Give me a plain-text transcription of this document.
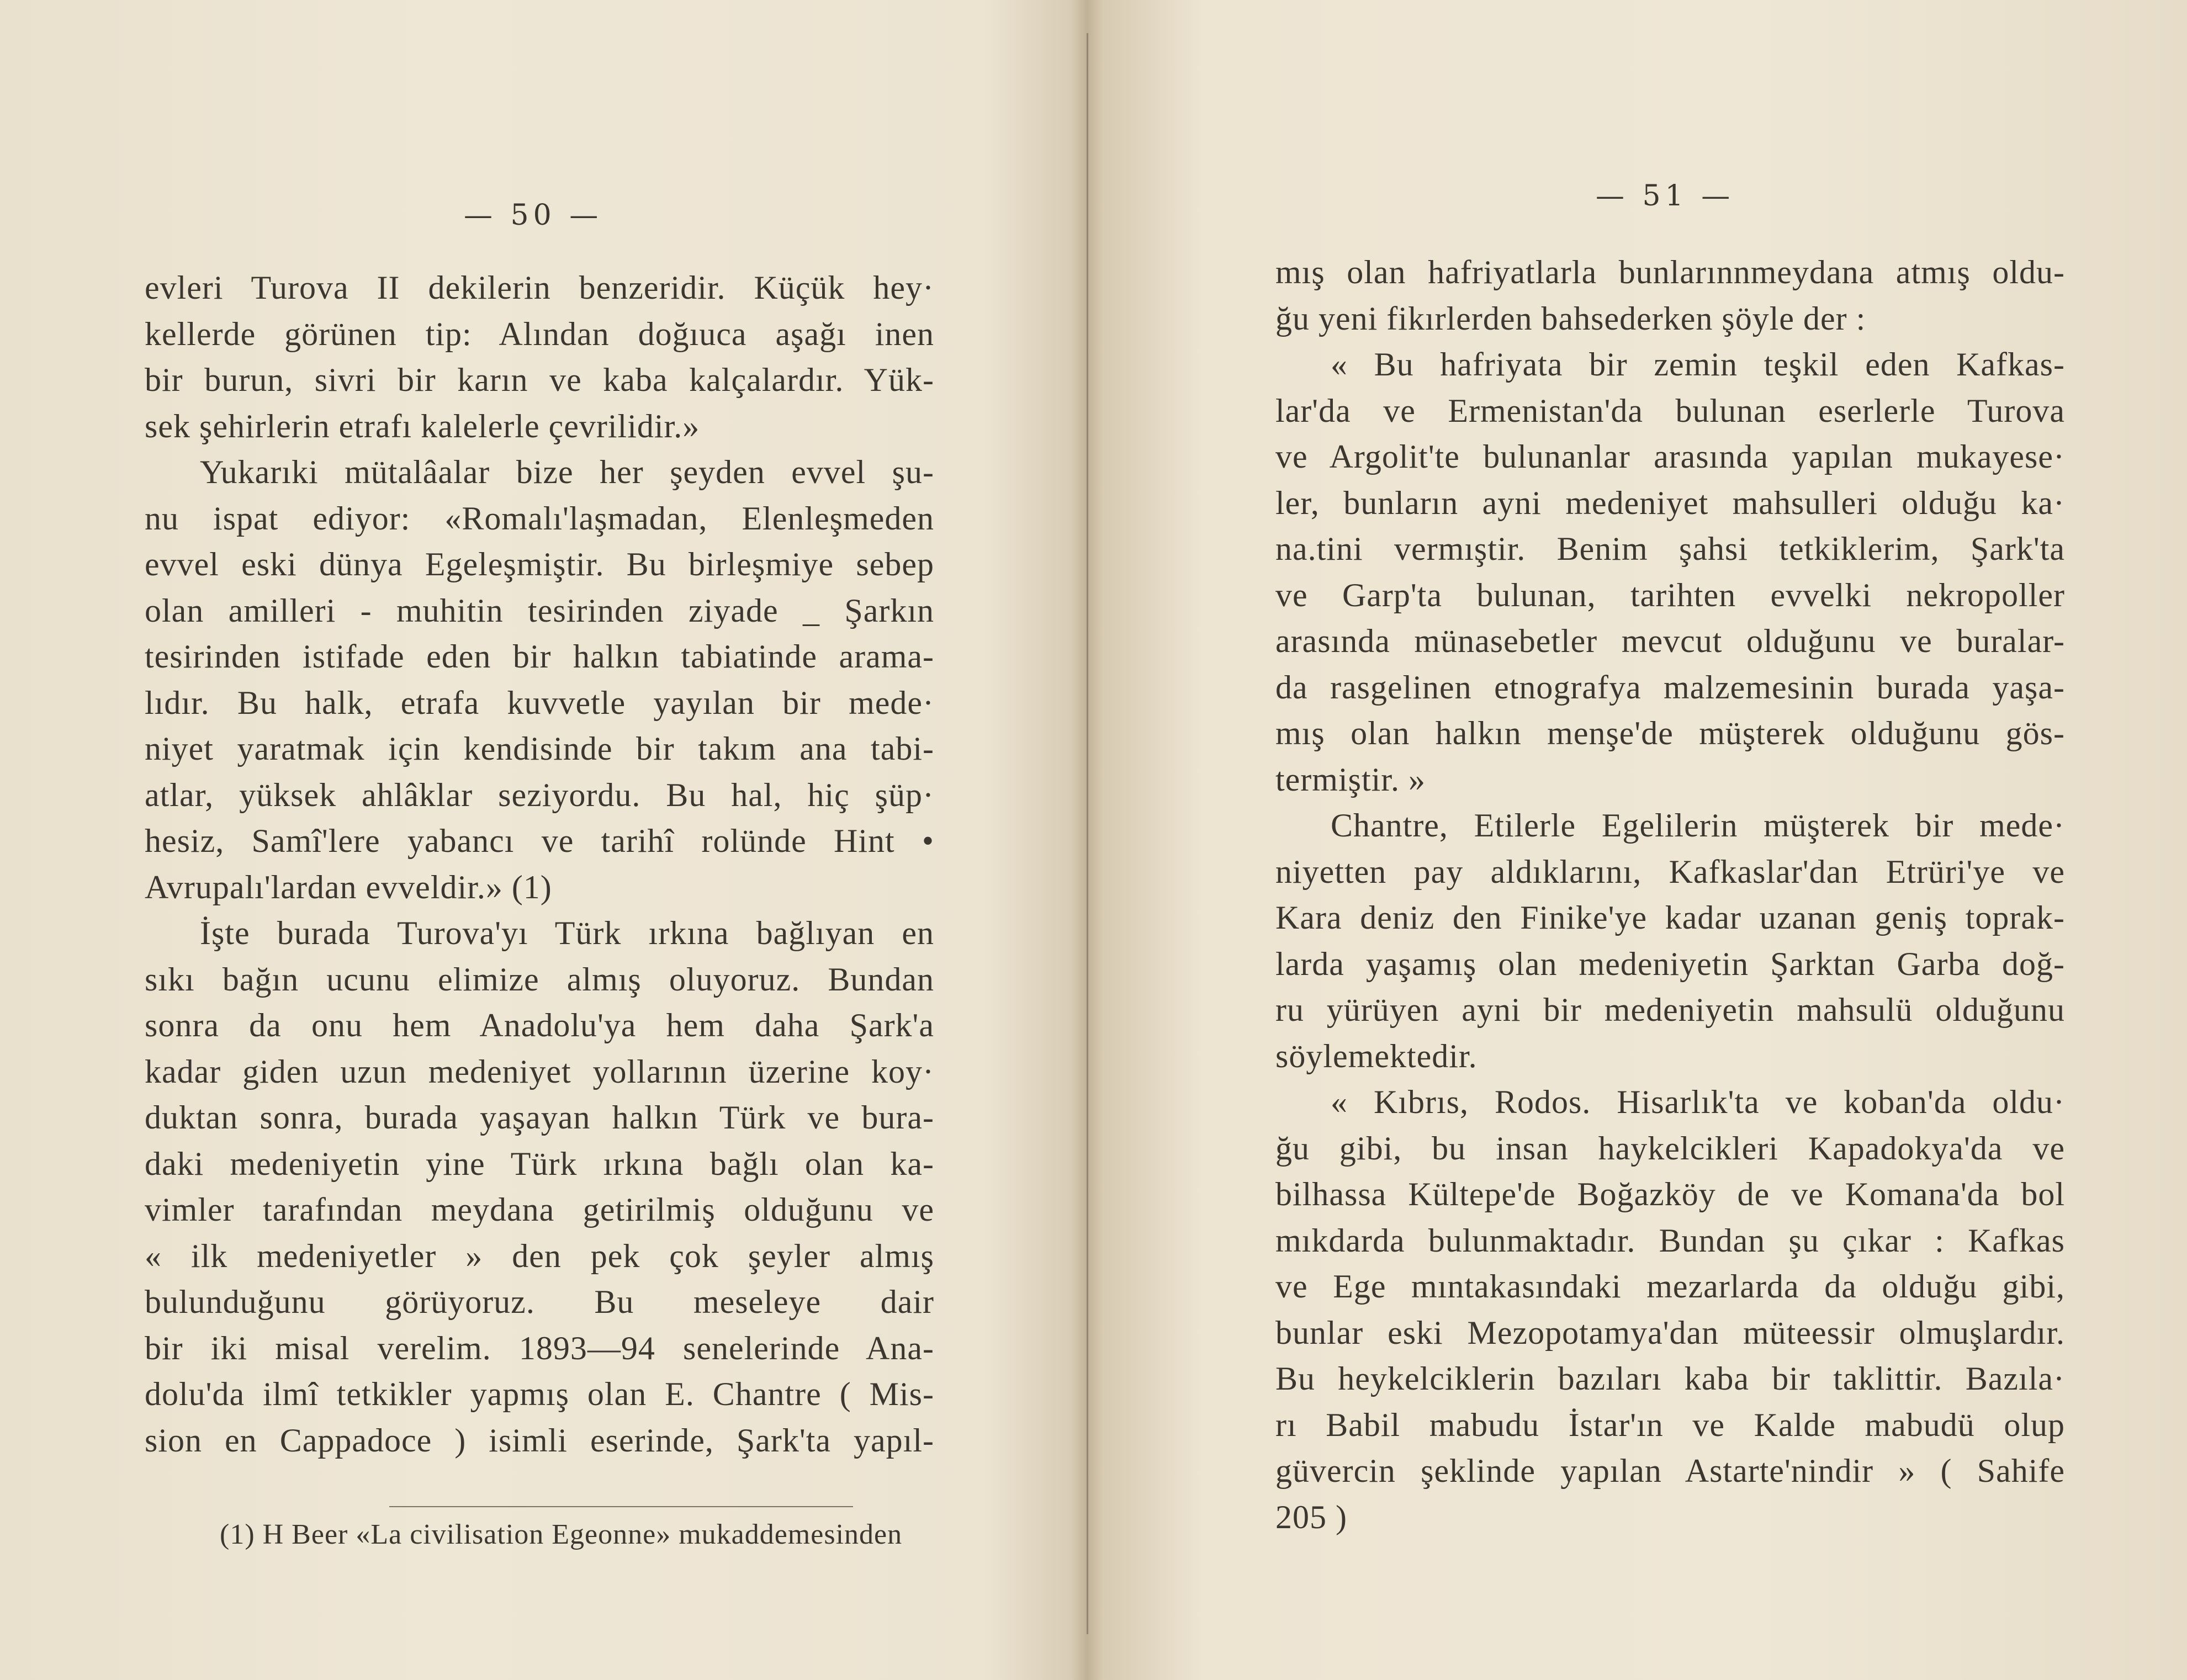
— 50 —
evleri Turova II dekilerin benzeridir. Küçük hey·
kellerde görünen tip: Alından doğıuca aşağı inen
bir burun, sivri bir karın ve kaba kalçalardır. Yük-
sek şehirlerin etrafı kalelerle çevrilidir.»
Yukarıki mütalâalar bize her şeyden evvel şu-
nu ispat ediyor: «Romalı'laşmadan, Elenleşmeden
evvel eski dünya Egeleşmiştir. Bu birleşmiye sebep
olan amilleri - muhitin tesirinden ziyade _ Şarkın
tesirinden istifade eden bir halkın tabiatinde arama-
lıdır. Bu halk, etrafa kuvvetle yayılan bir mede·
niyet yaratmak için kendisinde bir takım ana tabi-
atlar, yüksek ahlâklar seziyordu. Bu hal, hiç şüp·
hesiz, Samî'lere yabancı ve tarihî rolünde Hint •
Avrupalı'lardan evveldir.» (1)
İşte burada Turova'yı Türk ırkına bağlıyan en
sıkı bağın ucunu elimize almış oluyoruz. Bundan
sonra da onu hem Anadolu'ya hem daha Şark'a
kadar giden uzun medeniyet yollarının üzerine koy·
duktan sonra, burada yaşayan halkın Türk ve bura-
daki medeniyetin yine Türk ırkına bağlı olan ka-
vimler tarafından meydana getirilmiş olduğunu ve
« ilk medeniyetler » den pek çok şeyler almış
bulunduğunu görüyoruz. Bu meseleye dair
bir iki misal verelim. 1893—94 senelerinde Ana-
dolu'da ilmî tetkikler yapmış olan E. Chantre ( Mis-
sion en Cappadoce ) isimli eserinde, Şark'ta yapıl-
(1) H Beer «La civilisation Egeonne» mukaddemesinden
— 51 —
mış olan hafriyatlarla bunlarınnmeydana atmış oldu-
ğu yeni fikırlerden bahsederken şöyle der :
« Bu hafriyata bir zemin teşkil eden Kafkas-
lar'da ve Ermenistan'da bulunan eserlerle Turova
ve Argolit'te bulunanlar arasında yapılan mukayese·
ler, bunların ayni medeniyet mahsulleri olduğu ka·
na.tini vermıştir. Benim şahsi tetkiklerim, Şark'ta
ve Garp'ta bulunan, tarihten evvelki nekropoller
arasında münasebetler mevcut olduğunu ve buralar-
da rasgelinen etnografya malzemesinin burada yaşa-
mış olan halkın menşe'de müşterek olduğunu gös-
termiştir. »
Chantre, Etilerle Egelilerin müşterek bir mede·
niyetten pay aldıklarını, Kafkaslar'dan Etrüri'ye ve
Kara deniz den Finike'ye kadar uzanan geniş toprak-
larda yaşamış olan medeniyetin Şarktan Garba doğ-
ru yürüyen ayni bir medeniyetin mahsulü olduğunu
söylemektedir.
« Kıbrıs, Rodos. Hisarlık'ta ve koban'da oldu·
ğu gibi, bu insan haykelcikleri Kapadokya'da ve
bilhassa Kültepe'de Boğazköy de ve Komana'da bol
mıkdarda bulunmaktadır. Bundan şu çıkar : Kafkas
ve Ege mıntakasındaki mezarlarda da olduğu gibi,
bunlar eski Mezopotamya'dan müteessir olmuşlardır.
Bu heykelciklerin bazıları kaba bir taklittir. Bazıla·
rı Babil mabudu İstar'ın ve Kalde mabudü olup
güvercin şeklinde yapılan Astarte'nindir » ( Sahife
205 )
